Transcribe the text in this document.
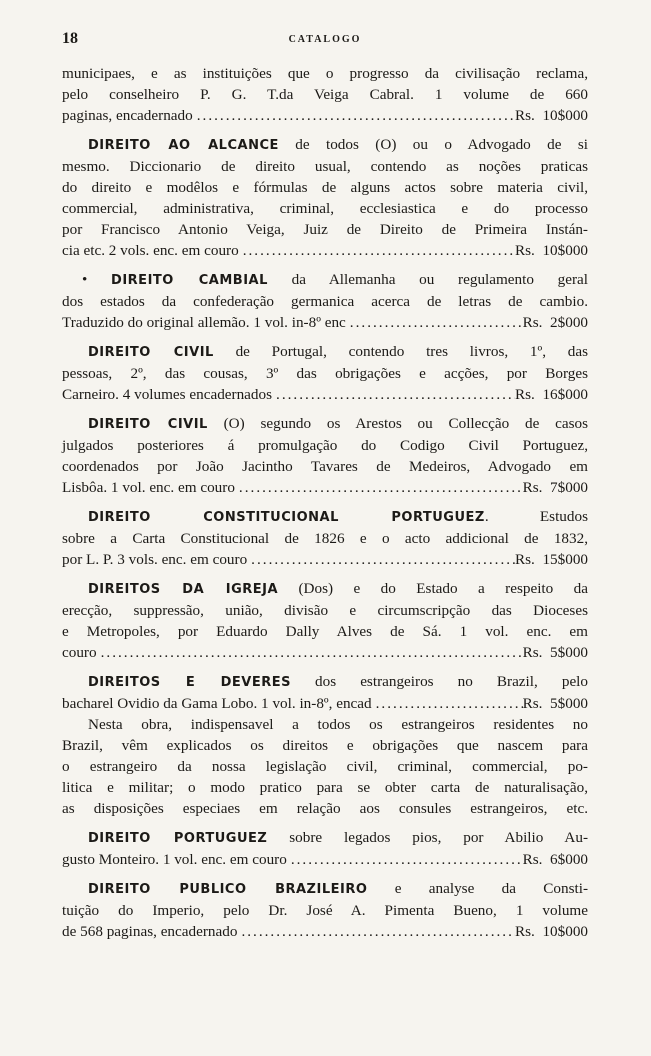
18	CATALOGO
municipaes, e as instituições que o progresso da civilisação reclama,
pelo conselheiro P. G. T.da Veiga Cabral. 1 volume de 660
paginas, encadernado .....	Rs. 10$000
DIREITO AO ALCANCE de todos (O) ou o Advogado de si
mesmo. Diccionario de direito usual, contendo as noções praticas
do direito e modêlos e fórmulas de alguns actos sobre materia civil,
commercial, administrativa, criminal, ecclesiastica e do processo
por Francisco Antonio Veiga, Juiz de Direito de Primeira Instán-
cia etc. 2 vols. enc. em couro .....	Rs. 10$000
• DIREITO CAMBIAL da Allemanha ou regulamento geral
dos estados da confederação germanica acerca de letras de cambio.
Traduzido do original allemão. 1 vol. in-8º enc .....	Rs. 2$000
DIREITO CIVIL de Portugal, contendo tres livros, 1º, das
pessoas, 2º, das cousas, 3º das obrigações e acções, por Borges
Carneiro. 4 volumes encadernados .....	Rs. 16$000
DIREITO CIVIL (O) segundo os Arestos ou Collecção de casos
julgados posteriores á promulgação do Codigo Civil Portuguez,
coordenados por João Jacintho Tavares de Medeiros, Advogado em
Lisbôa. 1 vol. enc. em couro .....	Rs. 7$000
DIREITO CONSTITUCIONAL PORTUGUEZ. Estudos
sobre a Carta Constitucional de 1826 e o acto addicional de 1832,
por L. P. 3 vols. enc. em couro .....	Rs. 15$000
DIREITOS DA IGREJA (Dos) e do Estado a respeito da
erecção, suppressão, união, divisão e circumscripção das Dioceses
e Metropoles, por Eduardo Dally Alves de Sá. 1 vol. enc. em
couro .....	Rs. 5$000
DIREITOS E DEVERES dos estrangeiros no Brazil, pelo
bacharel Ovidio da Gama Lobo. 1 vol. in-8º, encad .....	Rs. 5$000
Nesta obra, indispensavel a todos os estrangeiros residentes no
Brazil, vêm explicados os direitos e obrigações que nascem para
o estrangeiro da nossa legislação civil, criminal, commercial, po-
litica e militar; o modo pratico para se obter carta de naturalisação,
as disposições especiaes em relação aos consules estrangeiros, etc.
DIREITO PORTUGUEZ sobre legados pios, por Abilio Au-
gusto Monteiro. 1 vol. enc. em couro .....	Rs. 6$000
DIREITO PUBLICO BRAZILEIRO e analyse da Consti-
tuição do Imperio, pelo Dr. José A. Pimenta Bueno, 1 volume
de 568 paginas, encadernado .....	Rs. 10$000
